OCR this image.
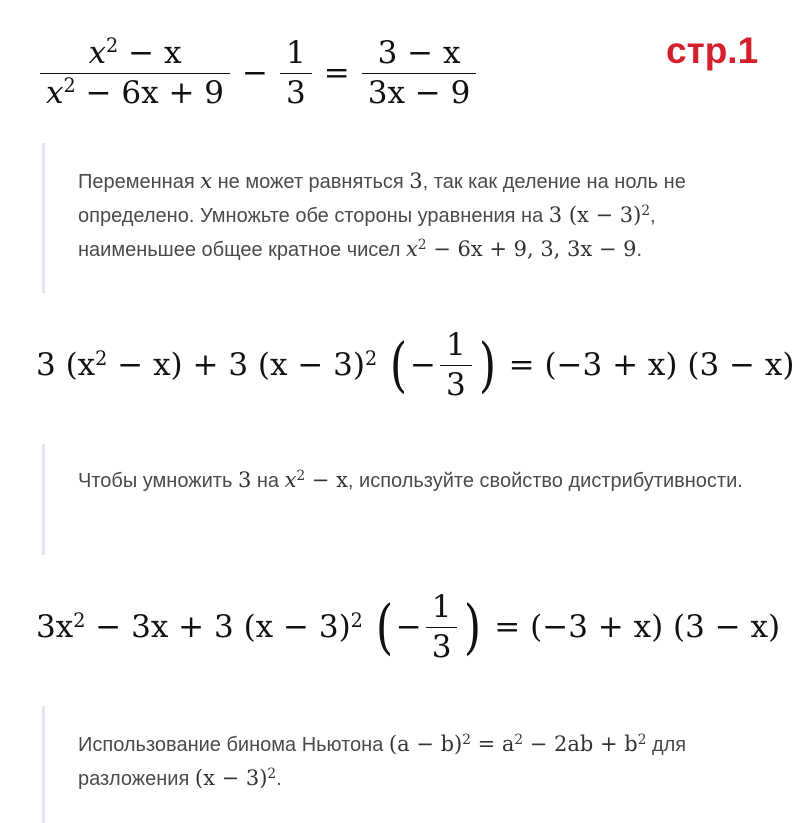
$\frac{x^2 - x}{x^2 - 6x + 9} - \frac{1}{3} = \frac{3 - x}{3x - 9}$	стр.1
Переменная x не может равняться 3, так как деление на ноль не определено. Умножьте обе стороны уравнения на 3 $(x - 3)^2$, наименьшее общее кратное чисел $x^2 - 6x + 9$, 3, 3x − 9.
3 $(x^2 - x) + 3$ $(x - 3)^2$ (− $\frac{1}{3}$ ) = (−3 + x) (3 − x)
Чтобы умножить 3 на $x^2 - x$, используйте свойство дистрибутивности.
$3x^2 - 3x + 3$ $(x - 3)^2$ (− $\frac{1}{3}$ ) = (−3 + x) (3 − x)
Использование бинома Ньютона $(a - b)^2 = a^2 - 2ab + b^2$ для разложения $(x - 3)^2$.
